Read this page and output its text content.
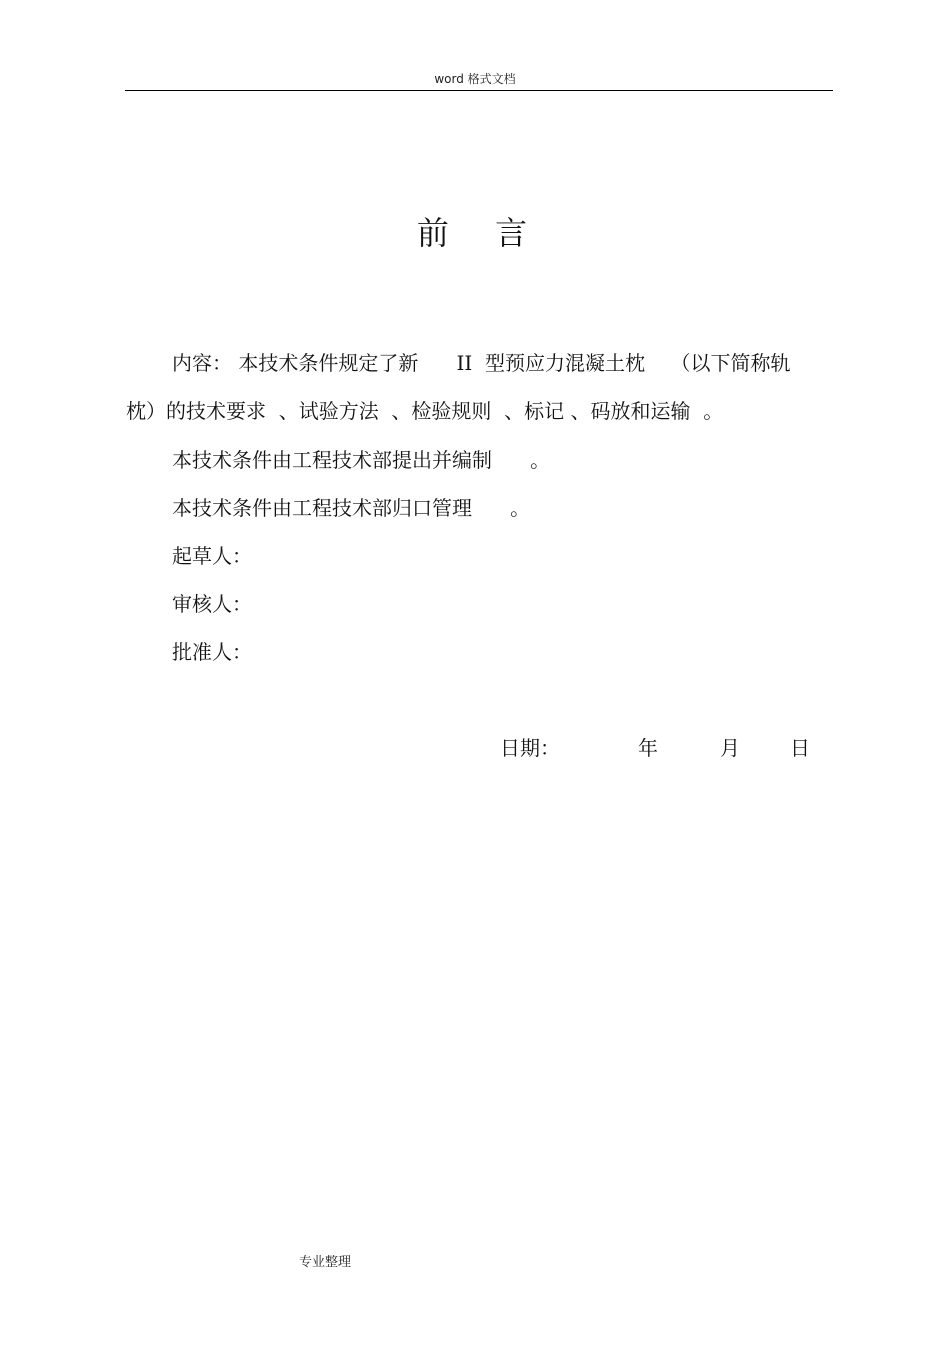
word 格式文档
前 言
内容： 本技术条件规定了新      II  型预应力混凝土枕    （以下简称轨
枕）的技术要求  、试验方法  、检验规则  、标记 、码放和运输  。
本技术条件由工程技术部提出并编制      。
本技术条件由工程技术部归口管理      。
起草人：
审核人：
批准人：
日期：	年	月	日
专业整理
